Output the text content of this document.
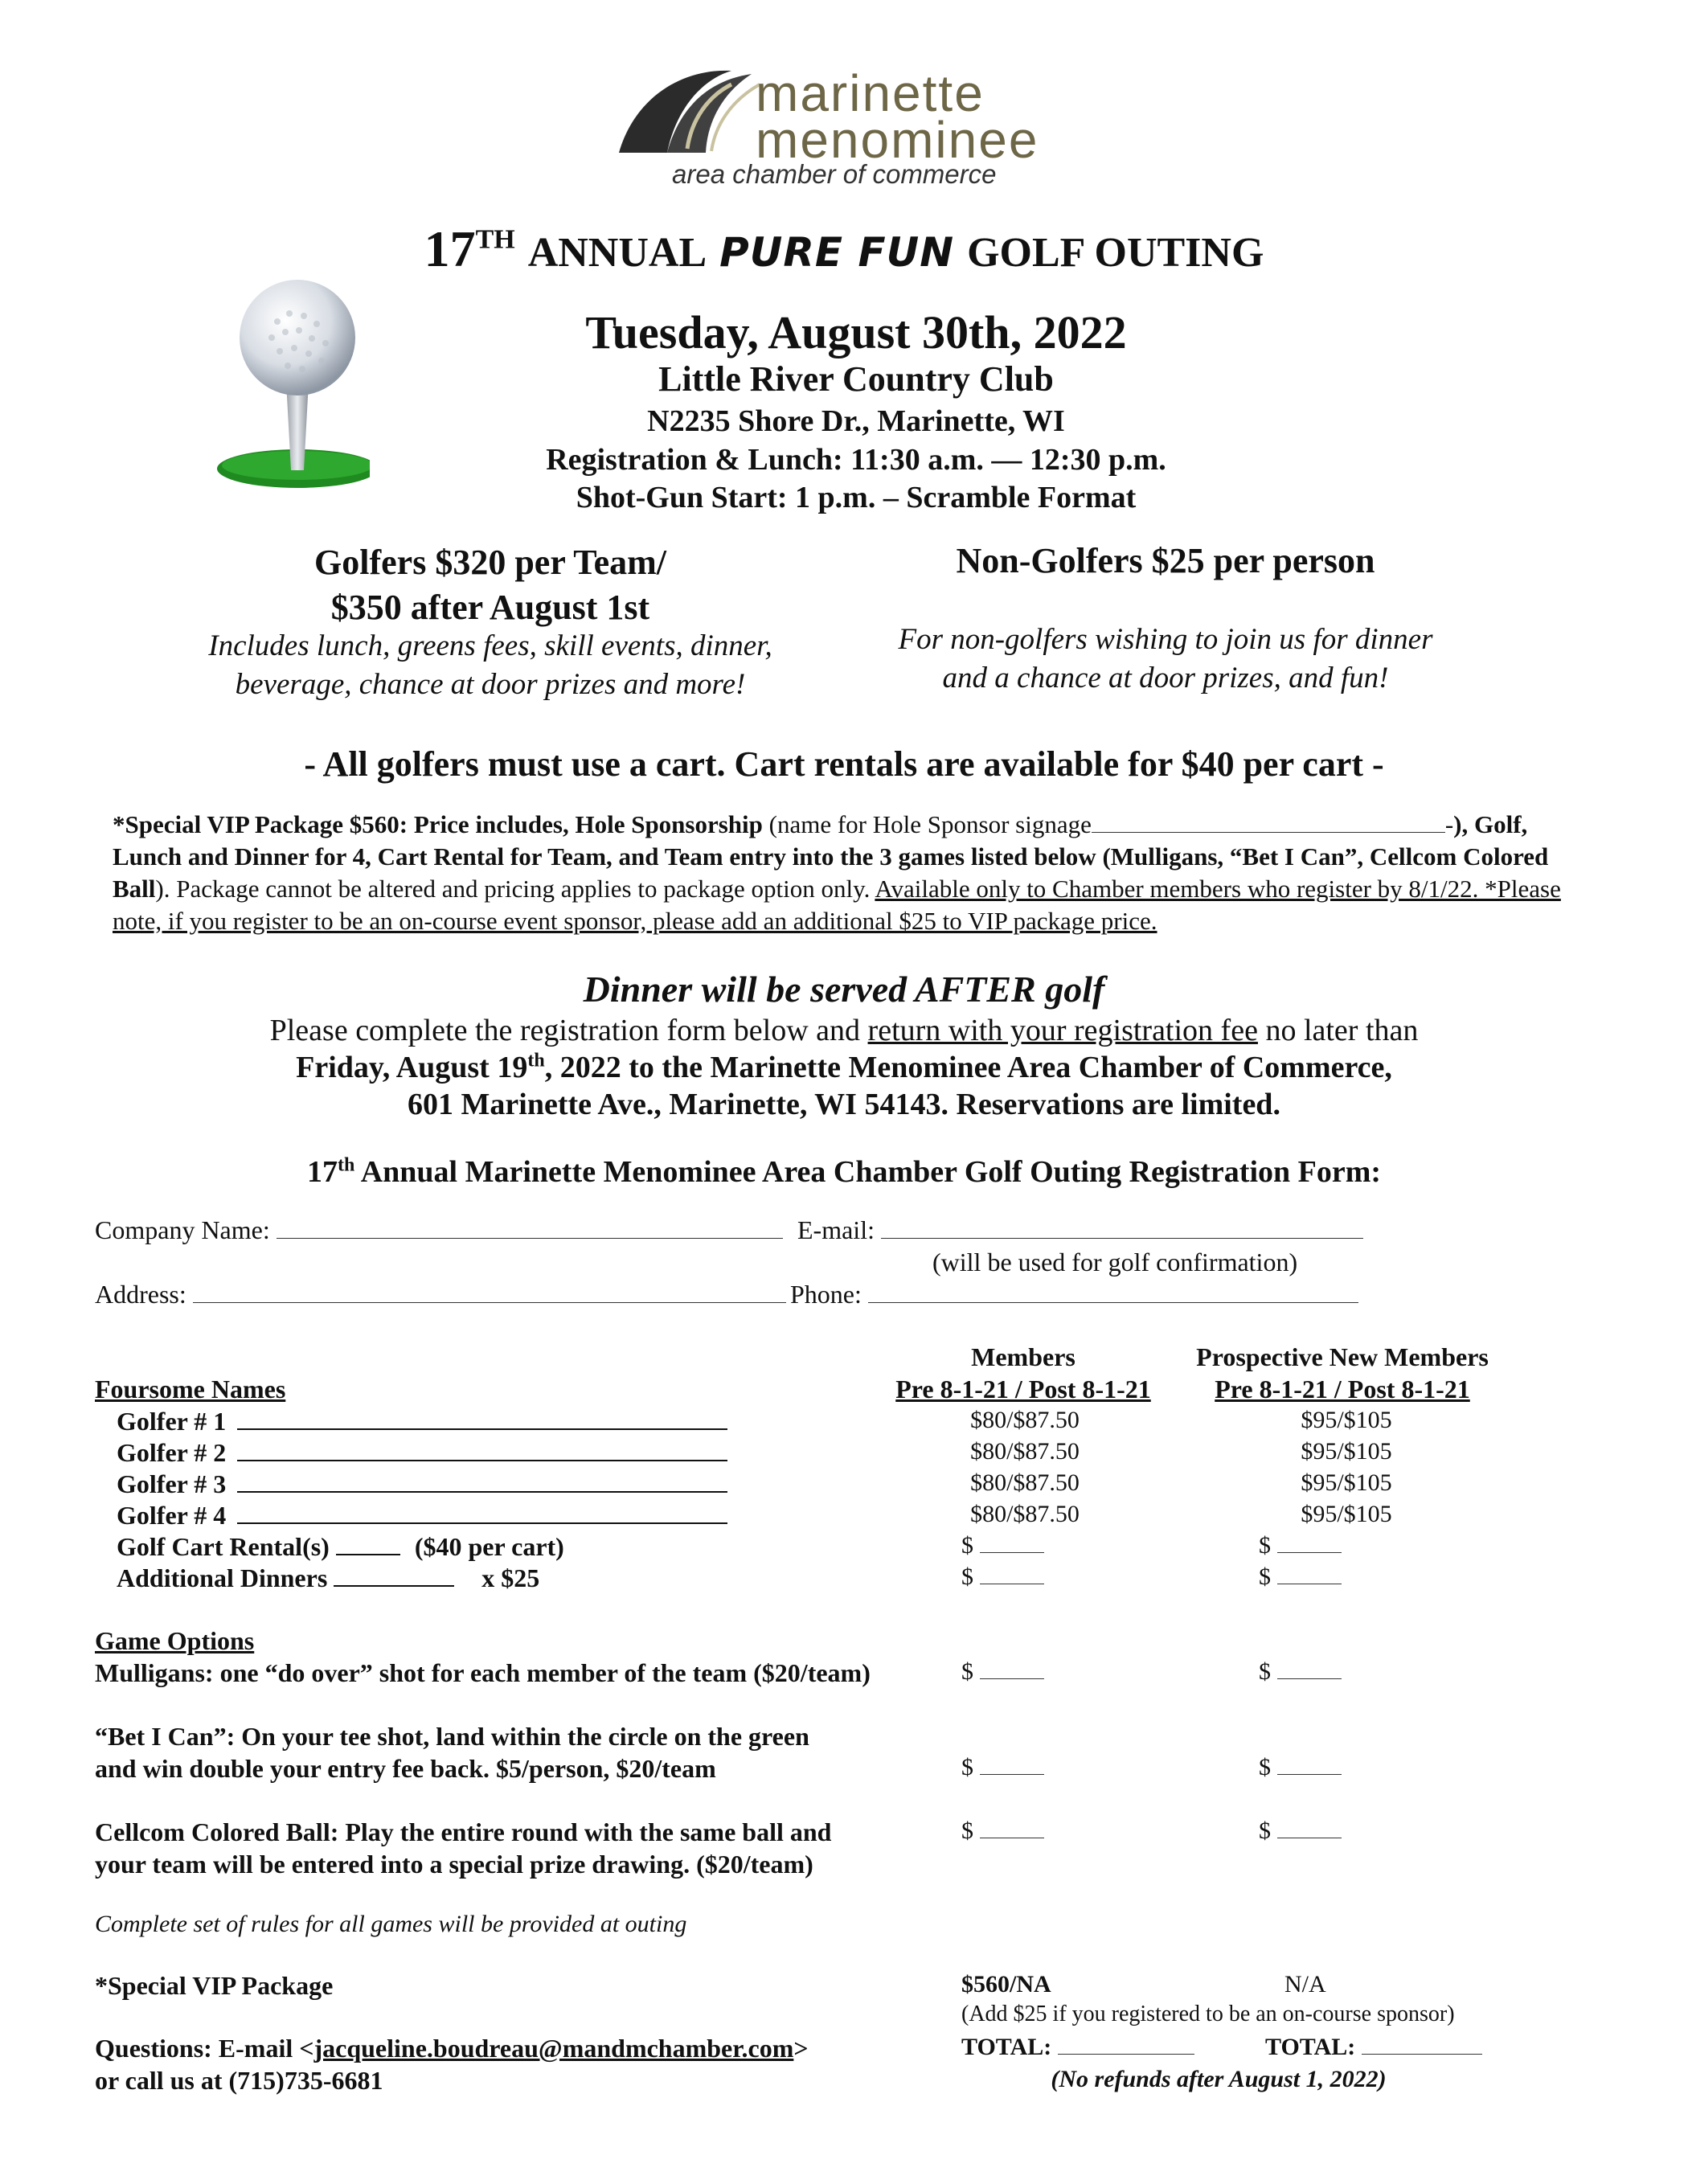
marinette
menominee
area chamber of commerce
17TH ANNUAL PURE FUN GOLF OUTING
Tuesday, August 30th, 2022
Little River Country Club
N2235 Shore Dr., Marinette, WI
Registration & Lunch: 11:30 a.m. — 12:30 p.m.
Shot-Gun Start: 1 p.m. – Scramble Format
Golfers $320 per Team/
$350 after August 1st
Includes lunch, greens fees, skill events, dinner, beverage, chance at door prizes and more!
Non-Golfers $25 per person
For non-golfers wishing to join us for dinner
and a chance at door prizes, and fun!
- All golfers must use a cart. Cart rentals are available for $40 per cart -
*Special VIP Package $560: Price includes, Hole Sponsorship (name for Hole Sponsor signage	-), Golf, Lunch and Dinner for 4, Cart Rental for Team, and Team entry into the 3 games listed below (Mulligans, “Bet I Can”, Cellcom Colored Ball). Package cannot be altered and pricing applies to package option only. Available only to Chamber members who register by 8/1/22. *Please note, if you register to be an on-course event sponsor, please add an additional $25 to VIP package price.
Dinner will be served AFTER golf
Please complete the registration form below and return with your registration fee no later than
Friday, August 19th, 2022 to the Marinette Menominee Area Chamber of Commerce,
601 Marinette Ave., Marinette, WI 54143. Reservations are limited.
17th Annual Marinette Menominee Area Chamber Golf Outing Registration Form:
Company Name:	E-mail:
(will be used for golf confirmation)
Address:	Phone:
Members
Pre 8-1-21 / Post 8-1-21
Prospective New Members
Pre 8-1-21 / Post 8-1-21
Foursome Names
Golfer # 1	$80/$87.50	$95/$105
Golfer # 2	$80/$87.50	$95/$105
Golfer # 3	$80/$87.50	$95/$105
Golfer # 4	$80/$87.50	$95/$105
Golf Cart Rental(s)	($40 per cart)	$	$
Additional Dinners	x $25	$	$
Game Options
Mulligans: one “do over” shot for each member of the team ($20/team)	$	$
“Bet I Can”: On your tee shot, land within the circle on the green
and win double your entry fee back. $5/person, $20/team	$	$
Cellcom Colored Ball: Play the entire round with the same ball and
your team will be entered into a special prize drawing. ($20/team)
$	$
Complete set of rules for all games will be provided at outing
*Special VIP Package	$560/NA	N/A
(Add $25 if you registered to be an on-course sponsor)
Questions: E-mail <jacqueline.boudreau@mandmchamber.com>
or call us at (715)735-6681
TOTAL:	TOTAL:
(No refunds after August 1, 2022)
